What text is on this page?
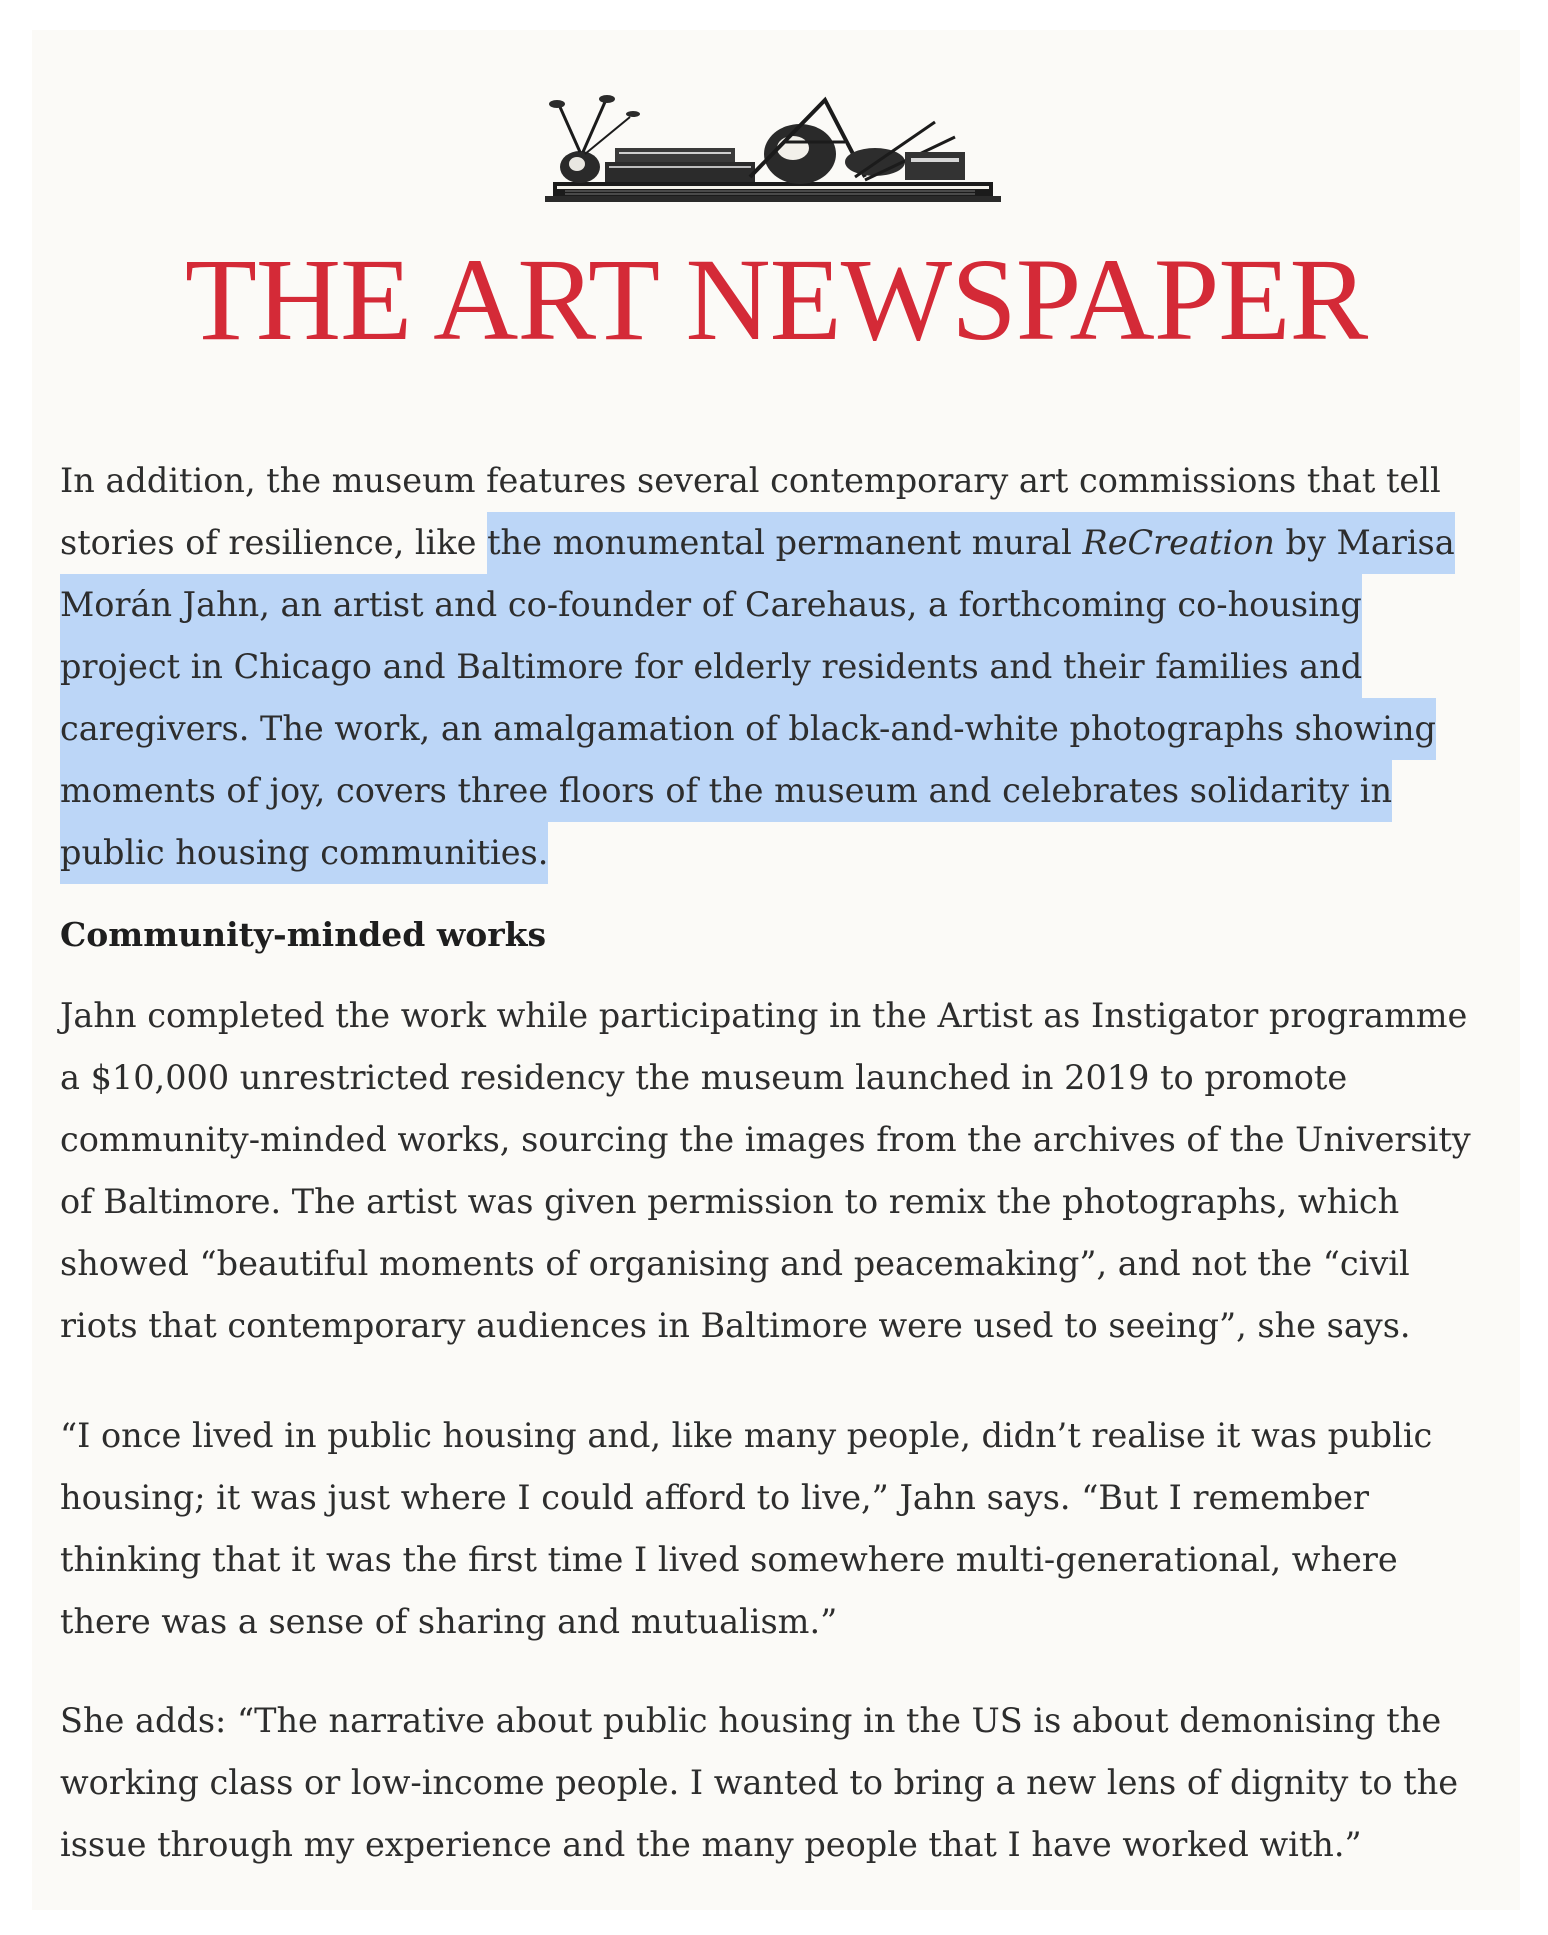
THE ART NEWSPAPER

In addition, the museum features several contemporary art commissions that tell
stories of resilience, like the monumental permanent mural ReCreation by Marisa
Morán Jahn, an artist and co-founder of Carehaus, a forthcoming co-housing
project in Chicago and Baltimore for elderly residents and their families and
caregivers. The work, an amalgamation of black-and-white photographs showing
moments of joy, covers three floors of the museum and celebrates solidarity in
public housing communities.

Community-minded works

Jahn completed the work while participating in the Artist as Instigator programme
a $10,000 unrestricted residency the museum launched in 2019 to promote
community-minded works, sourcing the images from the archives of the University
of Baltimore. The artist was given permission to remix the photographs, which
showed “beautiful moments of organising and peacemaking”, and not the “civil
riots that contemporary audiences in Baltimore were used to seeing”, she says.

“I once lived in public housing and, like many people, didn’t realise it was public
housing; it was just where I could afford to live,” Jahn says. “But I remember
thinking that it was the first time I lived somewhere multi-generational, where
there was a sense of sharing and mutualism.”

She adds: “The narrative about public housing in the US is about demonising the
working class or low-income people. I wanted to bring a new lens of dignity to the
issue through my experience and the many people that I have worked with.”
